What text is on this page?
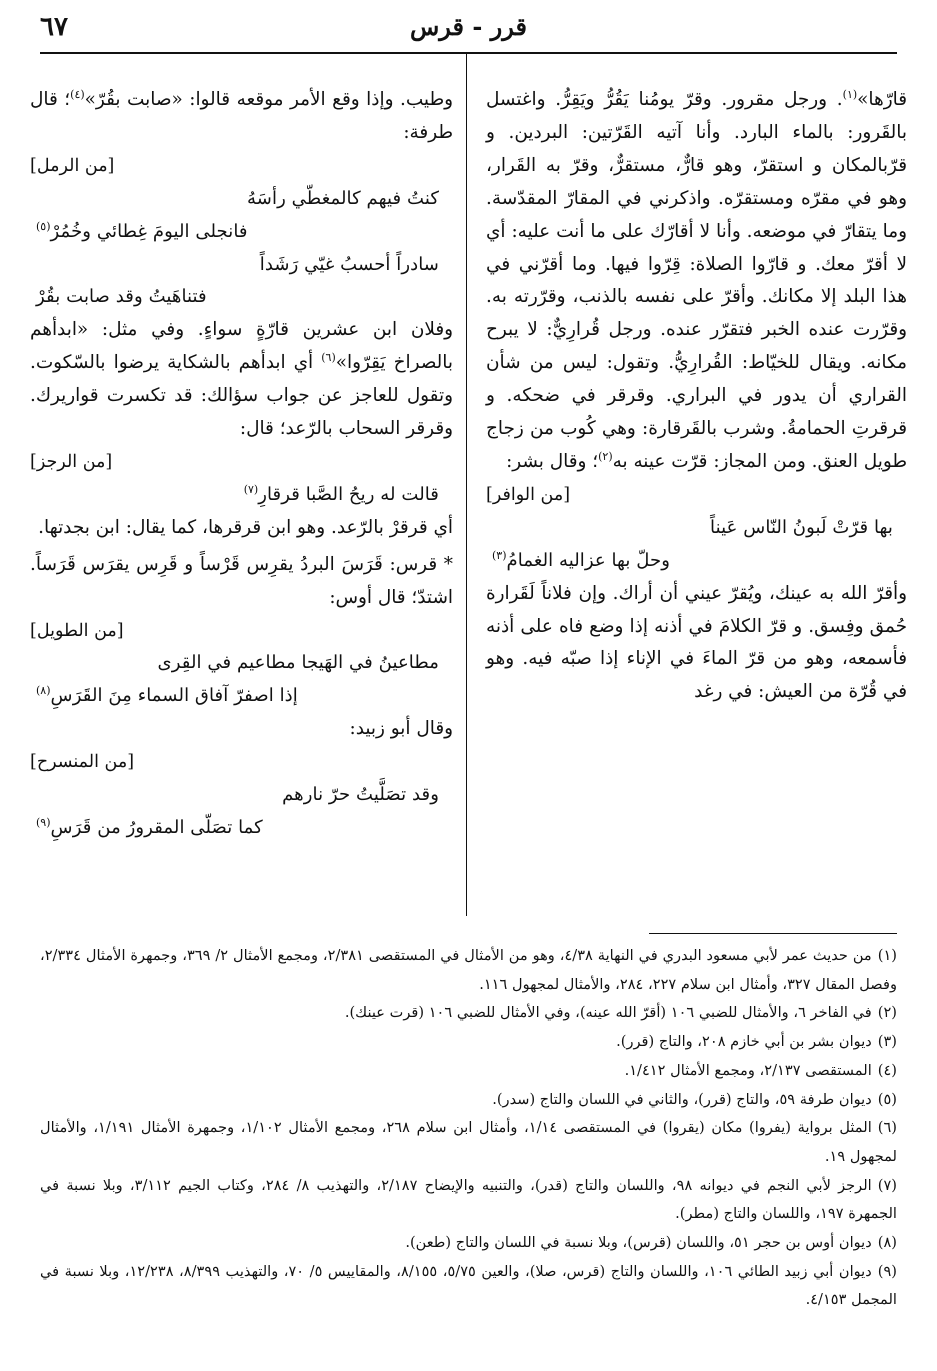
٦٧	قرر - قرس

قارّها»$^{(١)}$. ورجل مقرور. وقرّ يومُنا يَقُرُّ ويَقِرُّ. واغتسل بالقَرور: بالماء البارد. وأنا آتيه القَرّتين: البردين. و قرّبالمكان و استقرّ، وهو قارٌّ، مستقرٌّ، وقرّ به القَرار، وهو في مقرّه ومستقرّه. واذكرني في المقارّ المقدّسة. وما يتقارّ في موضعه. وأنا لا أقارّك على ما أنت عليه: أي لا أقرّ معك. و قارّوا الصلاة: قِرّوا فيها. وما أقرّني في هذا البلد إلا مكانك. وأقرّ على نفسه بالذنب، وقرّرته به. وقرّرت عنده الخبر فتقرّر عنده. ورجل قُرارِيٌّ: لا يبرح مكانه. ويقال للخيّاط: القُرارِيُّ. وتقول: ليس من شأن القراري أن يدور في البراري. وقرقر في ضحكه. و قرقرتِ الحمامةُ. وشرب بالقَرقارة: وهي كُوب من زجاج طويل العنق. ومن المجاز: قرّت عينه به$^{(٢)}$؛ وقال بشر:

[من الوافر]
بها قرّتْ لَبونُ النّاس عَيناً
وحلّ بها عزاليه الغمامُ$^{(٣)}$

وأقرّ الله به عينك، ويُقرّ عيني أن أراك. وإن فلاناً لَقَرارة حُمق وفِسق. و قرّ الكلامَ في أذنه إذا وضع فاه على أذنه فأسمعه، وهو من قرّ الماءَ في الإناء إذا صبّه فيه. وهو في قُرّة من العيش: في رغد

وطيب. وإذا وقع الأمر موقعه قالوا: «صابت بقُرّ»$^{(٤)}$؛ قال طرفة:

[من الرمل]
كنتُ فيهم كالمغطّي رأسَهُ
فانجلى اليومَ غِطائي وخُمُرْ$^{(٥)}$
سادراً أحسبُ غيّي رَشَداً
فتناهَيتُ وقد صابت بقُرْ

وفلان ابن عشرين قارّةٍ سواءٍ. وفي مثل: «ابدأهم بالصراخ يَقِرّوا»$^{(٦)}$ أي ابدأهم بالشكاية يرضوا بالسّكوت. وتقول للعاجز عن جواب سؤالك: قد تكسرت قواريرك. وقرقر السحاب بالرّعد؛ قال:

[من الرجز]
قالت له ريحُ الصَّبا قرقارِ$^{(٧)}$

أي قرقرْ بالرّعد. وهو ابن قرقرها، كما يقال: ابن بجدتها.

* قرس: قَرَسَ البردُ يقرِس قَرْساً و قَرِس يقرَس قَرَساً. اشتدّ؛ قال أوس:

[من الطويل]
مطاعينُ في الهَيجا مطاعيم في القِرى
إذا اصفرّ آفاق السماء مِنَ القَرَسِ$^{(٨)}$

وقال أبو زبيد:

[من المنسرح]
وقد تصَلَّيتُ حرّ نارهم
كما تصَلّى المقرورُ من قَرَسِ$^{(٩)}$

(١)من حديث عمر لأبي مسعود البدري في النهاية ٤/٣٨، وهو من الأمثال في المستقصى ٢/٣٨١، ومجمع الأمثال ٢/ ٣٦٩، وجمهرة الأمثال ٢/٣٣٤، وفصل المقال ٣٢٧، وأمثال ابن سلام ٢٢٧، ٢٨٤، والأمثال لمجهول ١١٦.

(٢)في الفاخر ٦، والأمثال للضبي ١٠٦ (أقرّ الله عينه)، وفي الأمثال للضبي ١٠٦ (قرت عينك).

(٣)ديوان بشر بن أبي خازم ٢٠٨، والتاج (قرر).

(٤)المستقصى ٢/١٣٧، ومجمع الأمثال ١/٤١٢.

(٥)ديوان طرفة ٥٩، والتاج (قرر)، والثاني في اللسان والتاج (سدر).

(٦)المثل برواية (يفروا) مكان (يقروا) في المستقصى ١/١٤، وأمثال ابن سلام ٢٦٨، ومجمع الأمثال ١/١٠٢، وجمهرة الأمثال ١/١٩١، والأمثال لمجهول ١٩.

(٧)الرجز لأبي النجم في ديوانه ٩٨، واللسان والتاج (قدر)، والتنبيه والإيضاح ٢/١٨٧، والتهذيب ٨/ ٢٨٤، وكتاب الجيم ٣/١١٢، وبلا نسبة في الجمهرة ١٩٧، واللسان والتاج (مطر).

(٨)ديوان أوس بن حجر ٥١، واللسان (قرس)، وبلا نسبة في اللسان والتاج (طعن).

(٩)ديوان أبي زبيد الطائي ١٠٦، واللسان والتاج (قرس، صلا)، والعين ٥/٧٥، ٨/١٥٥، والمقاييس ٥/ ٧٠، والتهذيب ٨/٣٩٩، ١٢/٢٣٨، وبلا نسبة في المجمل ٤/١٥٣.
